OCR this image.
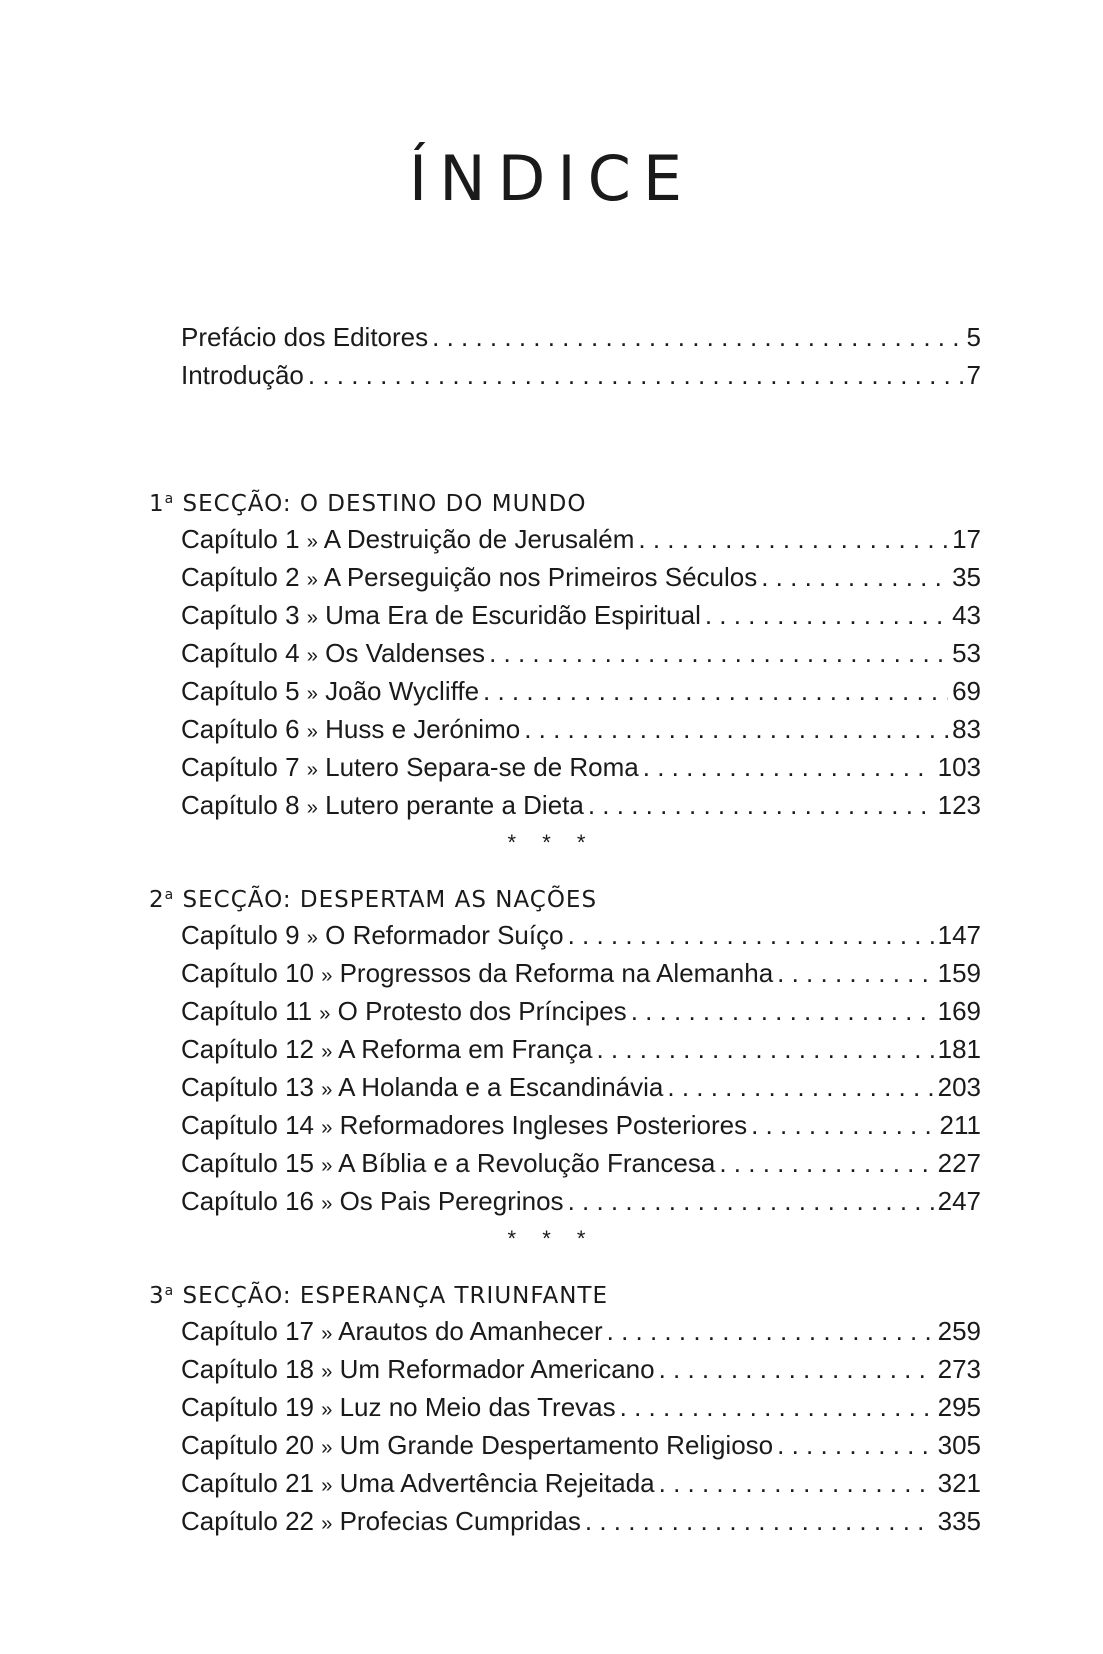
ÍNDICE
Prefácio dos Editores . . .	5
Introdução . . .	7
1$^a$ SECÇÃO: O DESTINO DO MUNDO
Capítulo 1 » A Destruição de Jerusalém . . .	17
Capítulo 2 » A Perseguição nos Primeiros Séculos . . .	35
Capítulo 3 » Uma Era de Escuridão Espiritual . . .	43
Capítulo 4 » Os Valdenses . . .	53
Capítulo 5 » João Wycliffe . . .	69
Capítulo 6 » Huss e Jerónimo . . .	83
Capítulo 7 » Lutero Separa-se de Roma . . .	103
Capítulo 8 » Lutero perante a Dieta . . .	123
* * *
2$^a$ SECÇÃO: DESPERTAM AS NAÇÕES
Capítulo 9 » O Reformador Suíço . . .	147
Capítulo 10 » Progressos da Reforma na Alemanha . . .	159
Capítulo 11 » O Protesto dos Príncipes . . .	169
Capítulo 12 » A Reforma em França . . .	181
Capítulo 13 » A Holanda e a Escandinávia . . .	203
Capítulo 14 » Reformadores Ingleses Posteriores . . .	211
Capítulo 15 » A Bíblia e a Revolução Francesa . . .	227
Capítulo 16 » Os Pais Peregrinos . . .	247
* * *
3$^a$ SECÇÃO: ESPERANÇA TRIUNFANTE
Capítulo 17 » Arautos do Amanhecer . . .	259
Capítulo 18 » Um Reformador Americano . . .	273
Capítulo 19 » Luz no Meio das Trevas . . .	295
Capítulo 20 » Um Grande Despertamento Religioso . . .	305
Capítulo 21 » Uma Advertência Rejeitada . . .	321
Capítulo 22 » Profecias Cumpridas . . .	335
